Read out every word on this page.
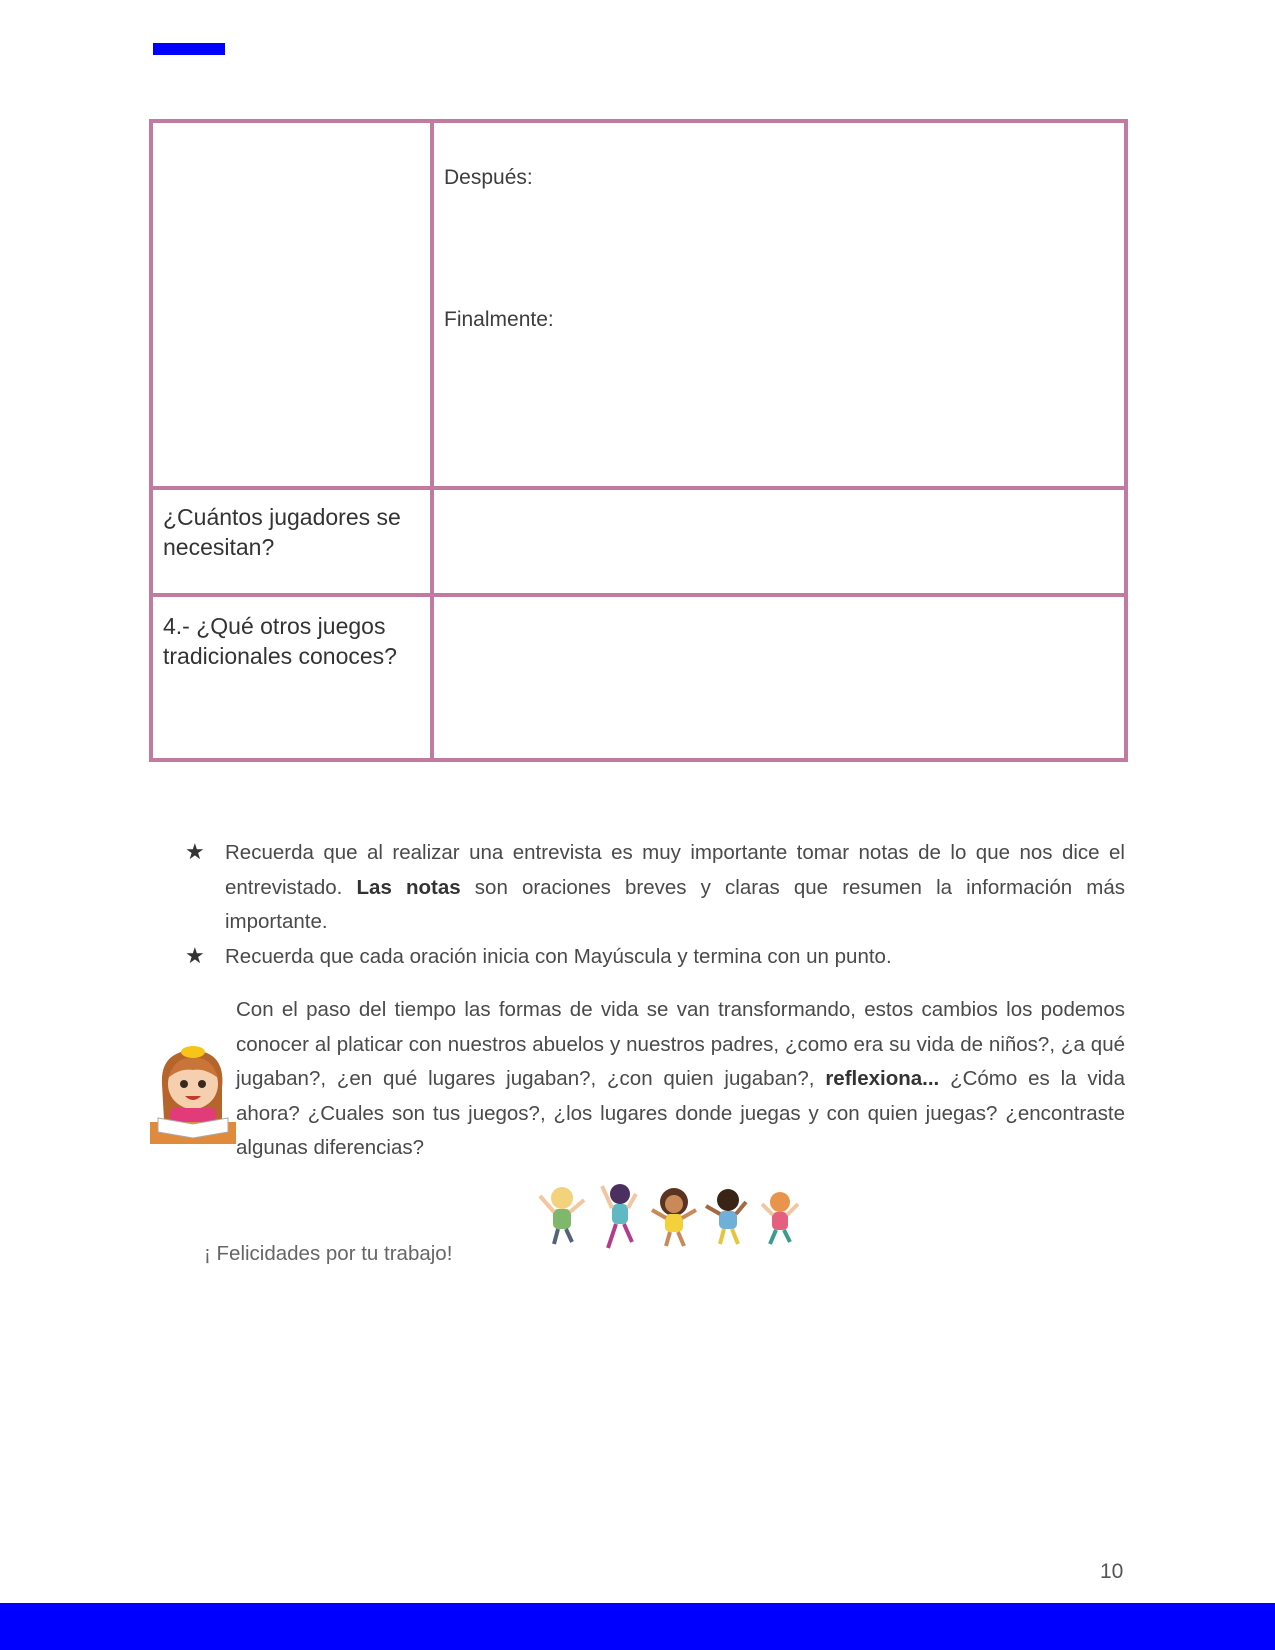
Después:
Finalmente:
¿Cuántos jugadores se necesitan?
4.- ¿Qué otros juegos tradicionales conoces?
★ Recuerda que al realizar una entrevista es muy importante tomar notas de lo que nos dice el entrevistado. Las notas son oraciones breves y claras que resumen la información más importante.
★ Recuerda que cada oración inicia con Mayúscula y termina con un punto.
Con el paso del tiempo las formas de vida se van transformando, estos cambios los podemos conocer al platicar con nuestros abuelos y nuestros padres, ¿como era su vida de niños?, ¿a qué jugaban?, ¿en qué lugares jugaban?, ¿con quien jugaban?, reflexiona... ¿Cómo es la vida ahora? ¿Cuales son tus juegos?, ¿los lugares donde juegas y con quien juegas? ¿encontraste algunas diferencias?
¡ Felicidades por tu trabajo!
10
